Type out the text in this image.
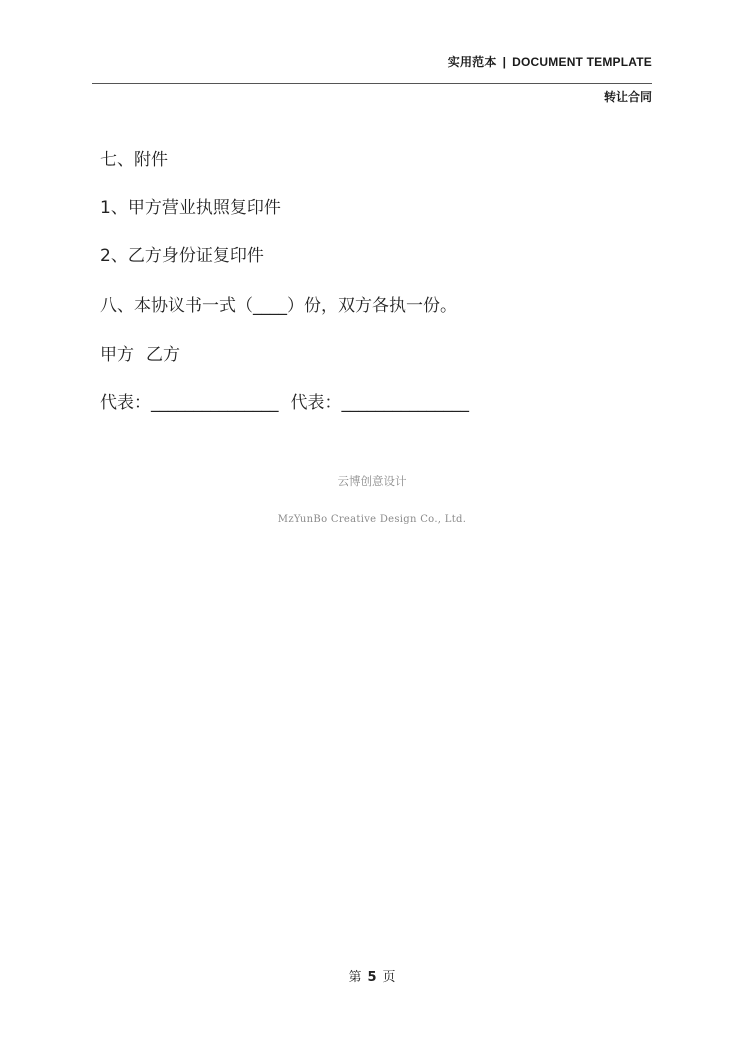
实用范本 | DOCUMENT TEMPLATE
转让合同
七、附件
1、甲方营业执照复印件
2、乙方身份证复印件
八、本协议书一式（____）份，双方各执一份。
甲方 乙方
代表：_______________ 代表：_______________
云博创意设计
MzYunBo Creative Design Co., Ltd.
第 5 页
